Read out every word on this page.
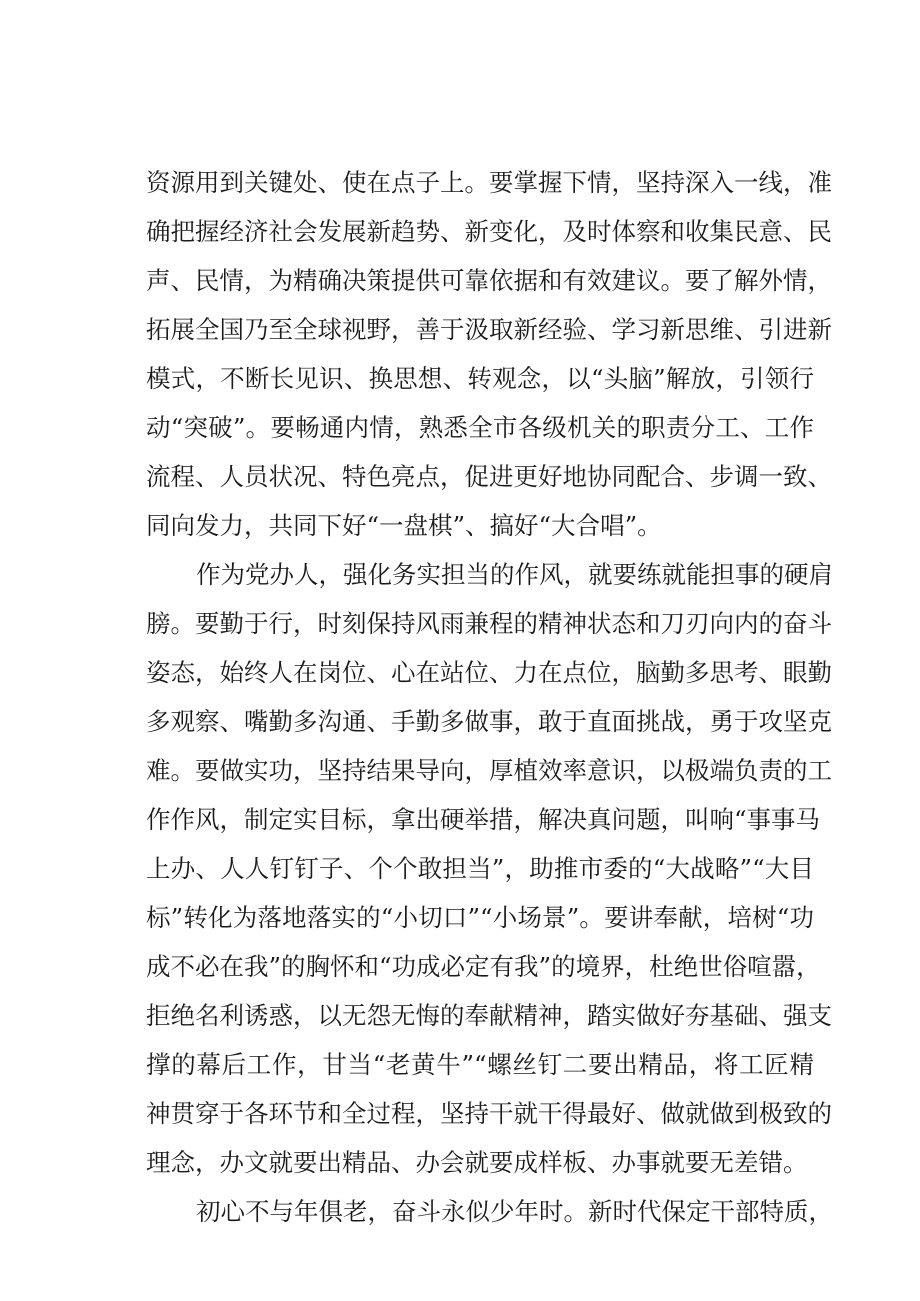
资源用到关键处、使在点子上。要掌握下情，坚持深入一线，准
确把握经济社会发展新趋势、新变化，及时体察和收集民意、民
声、民情，为精确决策提供可靠依据和有效建议。要了解外情，
拓展全国乃至全球视野，善于汲取新经验、学习新思维、引进新
模式，不断长见识、换思想、转观念，以“头脑”解放，引领行
动“突破”。要畅通内情，熟悉全市各级机关的职责分工、工作
流程、人员状况、特色亮点，促进更好地协同配合、步调一致、
同向发力，共同下好“一盘棋”、搞好“大合唱”。
作为党办人，强化务实担当的作风，就要练就能担事的硬肩
膀。要勤于行，时刻保持风雨兼程的精神状态和刀刃向内的奋斗
姿态，始终人在岗位、心在站位、力在点位，脑勤多思考、眼勤
多观察、嘴勤多沟通、手勤多做事，敢于直面挑战，勇于攻坚克
难。要做实功，坚持结果导向，厚植效率意识，以极端负责的工
作作风，制定实目标，拿出硬举措，解决真问题，叫响“事事马
上办、人人钉钉子、个个敢担当”，助推市委的“大战略”“大目
标”转化为落地落实的“小切口”“小场景”。要讲奉献，培树“功
成不必在我”的胸怀和“功成必定有我”的境界，杜绝世俗喧嚣，
拒绝名利诱惑，以无怨无悔的奉献精神，踏实做好夯基础、强支
撑的幕后工作，甘当“老黄牛”“螺丝钉二要出精品，将工匠精
神贯穿于各环节和全过程，坚持干就干得最好、做就做到极致的
理念，办文就要出精品、办会就要成样板、办事就要无差错。
初心不与年俱老，奋斗永似少年时。新时代保定干部特质，
